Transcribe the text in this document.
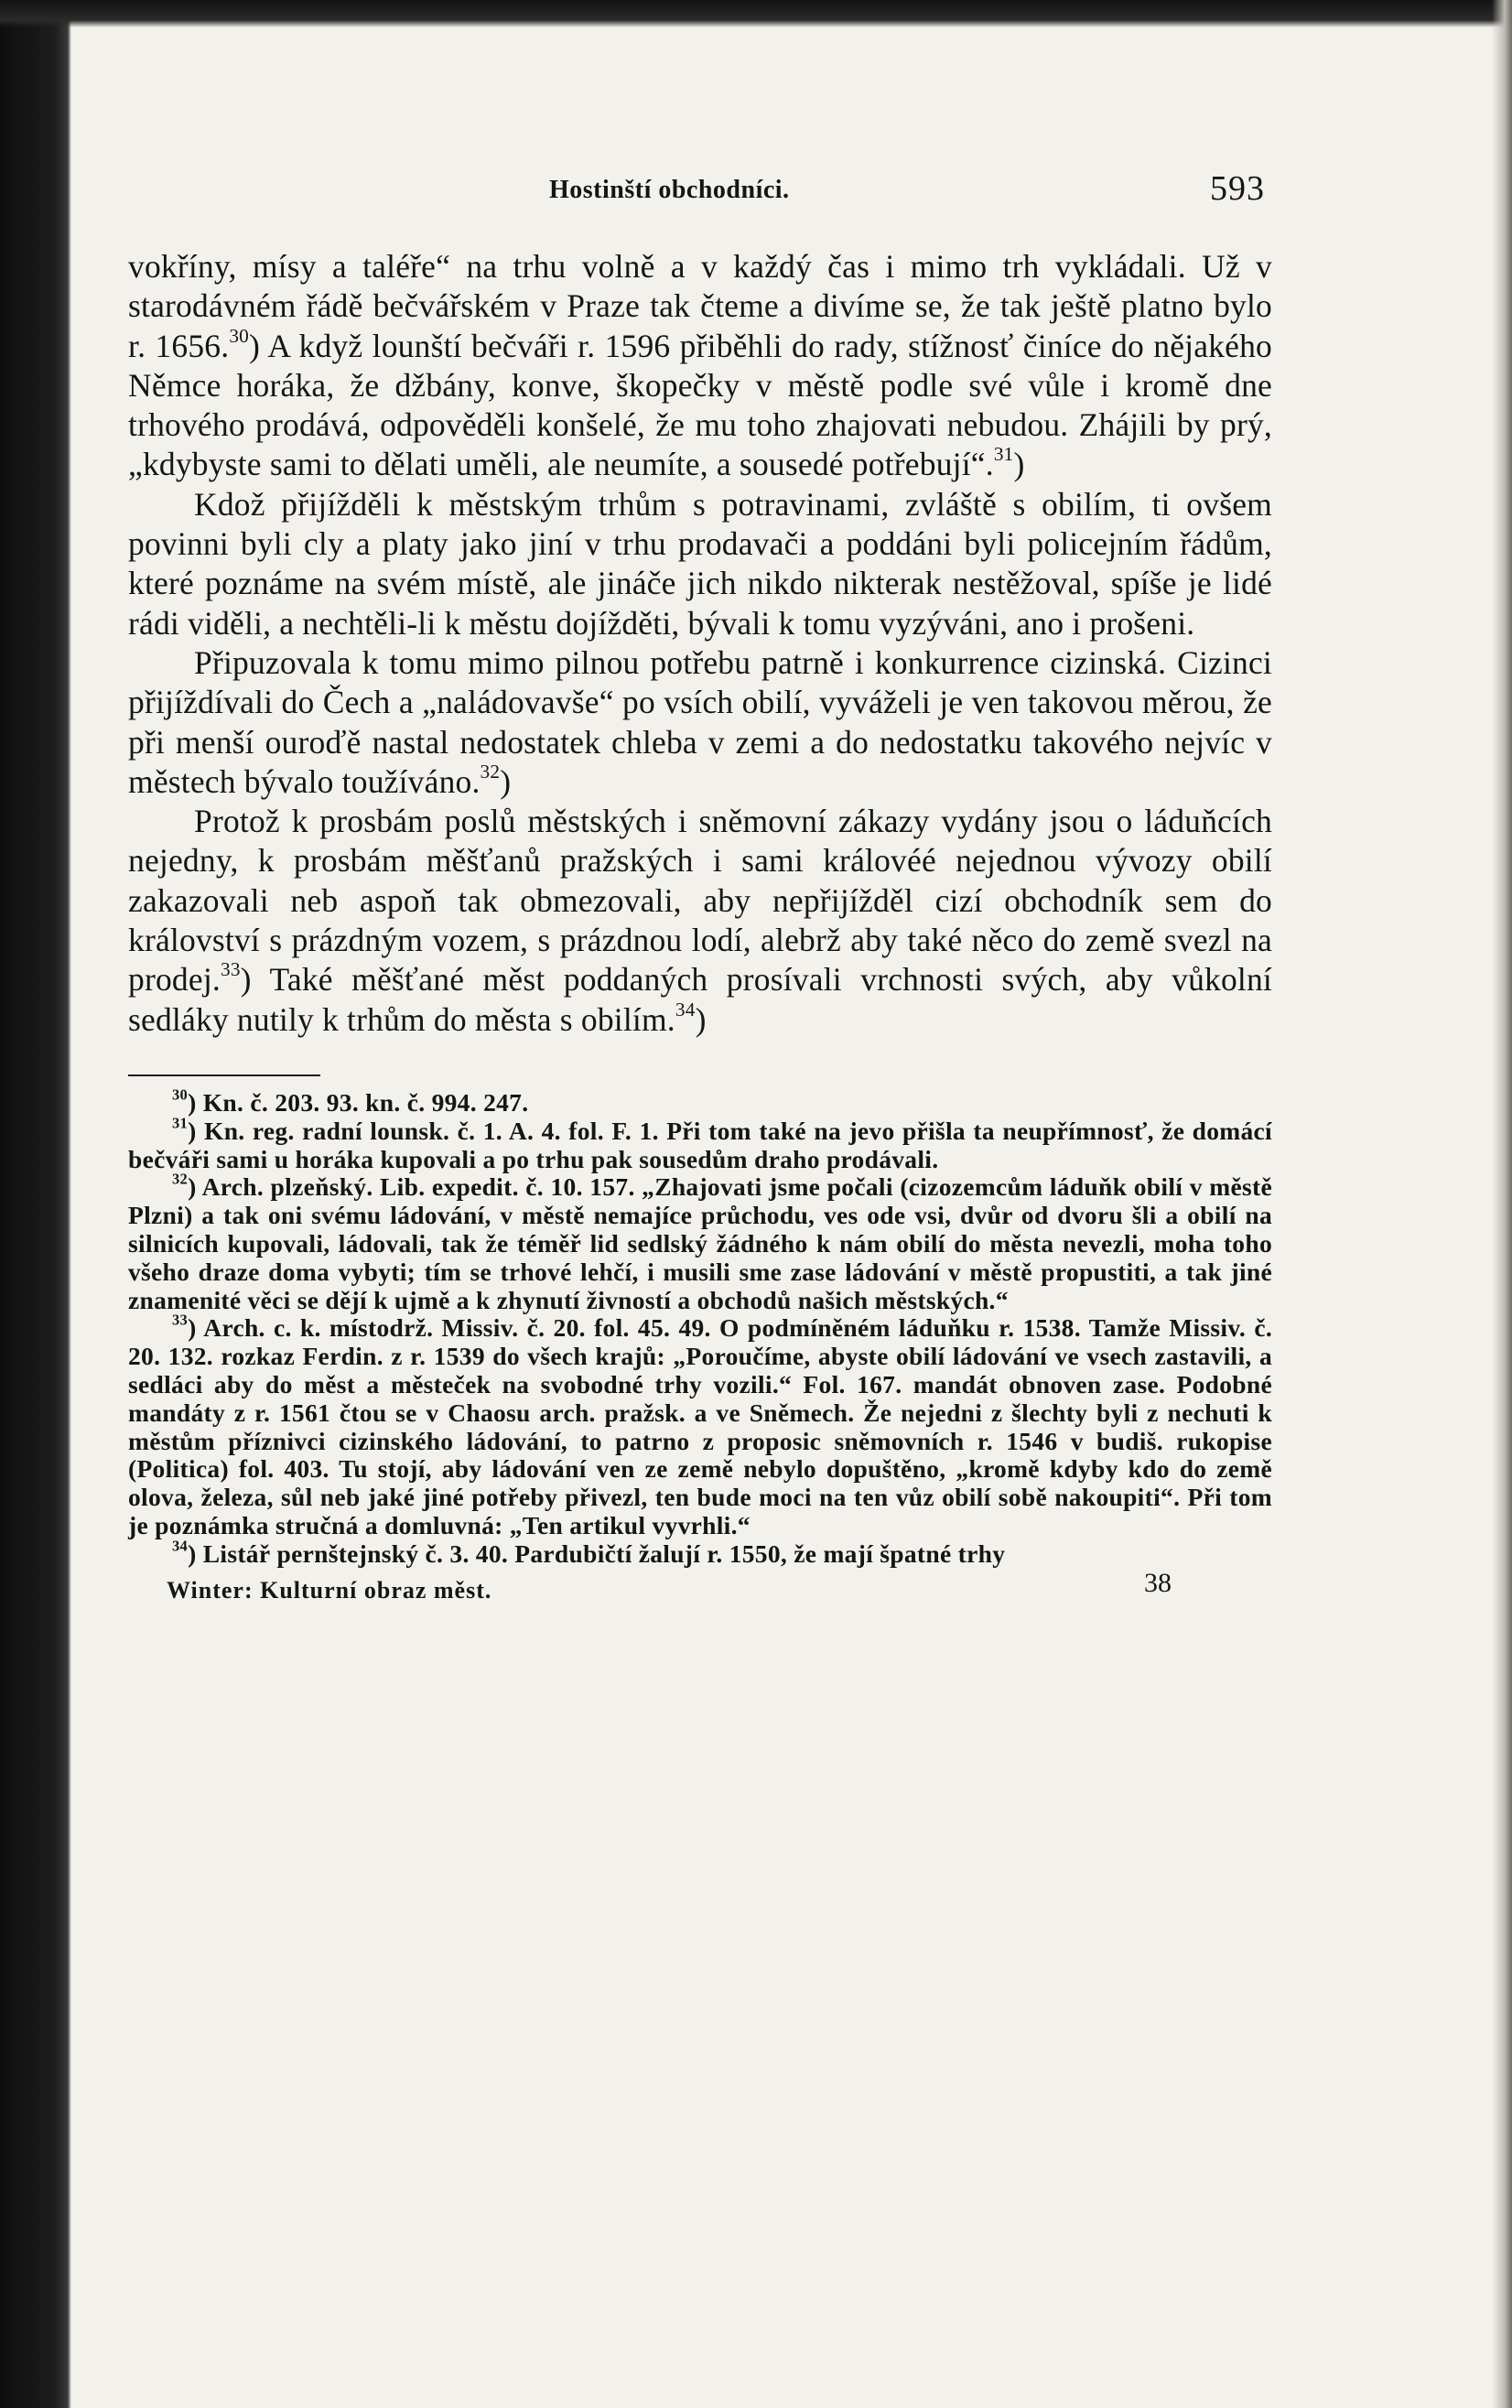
Hostinští obchodníci.	593

vokříny, mísy a taléře“ na trhu volně a v každý čas i mimo trh vykládali. Už v starodávném řádě bečvářském v Praze tak čteme a divíme se, že tak ještě platno bylo r. 1656.30) A když lounští bečváři r. 1596 přiběhli do rady, stížnosť činíce do nějakého Němce horáka, že džbány, konve, škopečky v městě podle své vůle i kromě dne trhového prodává, odpověděli konšelé, že mu toho zhajovati nebudou. Zhájili by prý, „kdybyste sami to dělati uměli, ale neumíte, a sousedé potřebují“.$^{31}$)

Kdož přijížděli k městským trhům s potravinami, zvláště s obilím, ti ovšem povinni byli cly a platy jako jiní v trhu prodavači a poddáni byli policejním řádům, které poznáme na svém místě, ale jináče jich nikdo nikterak nestěžoval, spíše je lidé rádi viděli, a nechtěli-li k městu dojížděti, bývali k tomu vyzýváni, ano i prošeni.

Připuzovala k tomu mimo pilnou potřebu patrně i konkurrence cizinská. Cizinci přijíždívali do Čech a „naládovavše“ po vsích obilí, vyváželi je ven takovou měrou, že při menší ouroďě nastal nedostatek chleba v zemi a do nedostatku takového nejvíc v městech bývalo toužíváno.$^{32}$)

Protož k prosbám poslů městských i sněmovní zákazy vydány jsou o láduňcích nejedny, k prosbám měšťanů pražských i sami královéé nejednou vývozy obilí zakazovali neb aspoň tak obmezovali, aby nepřijížděl cizí obchodník sem do království s prázdným vozem, s prázdnou lodí, alebrž aby také něco do země svezl na prodej.$^{33}$) Také měšťané měst poddaných prosívali vrchnosti svých, aby vůkolní sedláky nutily k trhům do města s obilím.$^{34}$)

$^{30}$) Kn. č. 203. 93. kn. č. 994. 247.

$^{31}$) Kn. reg. radní lounsk. č. 1. A. 4. fol. F. 1. Při tom také na jevo přišla ta neupřímnosť, že domácí bečváři sami u horáka kupovali a po trhu pak sousedům draho prodávali.

$^{32}$) Arch. plzeňský. Lib. expedit. č. 10. 157. „Zhajovati jsme počali (cizozemcům láduňk obilí v městě Plzni) a tak oni svému ládování, v městě nemajíce průchodu, ves ode vsi, dvůr od dvoru šli a obilí na silnicích kupovali, ládovali, tak že téměř lid sedlský žádného k nám obilí do města nevezli, moha toho všeho draze doma vybyti; tím se trhové lehčí, i musili sme zase ládování v městě propustiti, a tak jiné znamenité věci se dějí k ujmě a k zhynutí živností a obchodů našich městských.“

$^{33}$) Arch. c. k. místodrž. Missiv. č. 20. fol. 45. 49. O podmíněném láduňku r. 1538. Tamže Missiv. č. 20. 132. rozkaz Ferdin. z r. 1539 do všech krajů: „Poroučíme, abyste obilí ládování ve vsech zastavili, a sedláci aby do měst a městeček na svobodné trhy vozili.“ Fol. 167. mandát obnoven zase. Podobné mandáty z r. 1561 čtou se v Chaosu arch. pražsk. a ve Sněmech. Že nejedni z šlechty byli z nechuti k městům příznivci cizinského ládování, to patrno z proposic sněmovních r. 1546 v budiš. rukopise (Politica) fol. 403. Tu stojí, aby ládování ven ze země nebylo dopuštěno, „kromě kdyby kdo do země olova, železa, sůl neb jaké jiné potřeby přivezl, ten bude moci na ten vůz obilí sobě nakoupiti“. Při tom je poznámka stručná a domluvná: „Ten artikul vyvrhli.“

$^{34}$) Listář pernštejnský č. 3. 40. Pardubičtí žalují r. 1550, že mají špatné trhy

Winter: Kulturní obraz měst.	38
